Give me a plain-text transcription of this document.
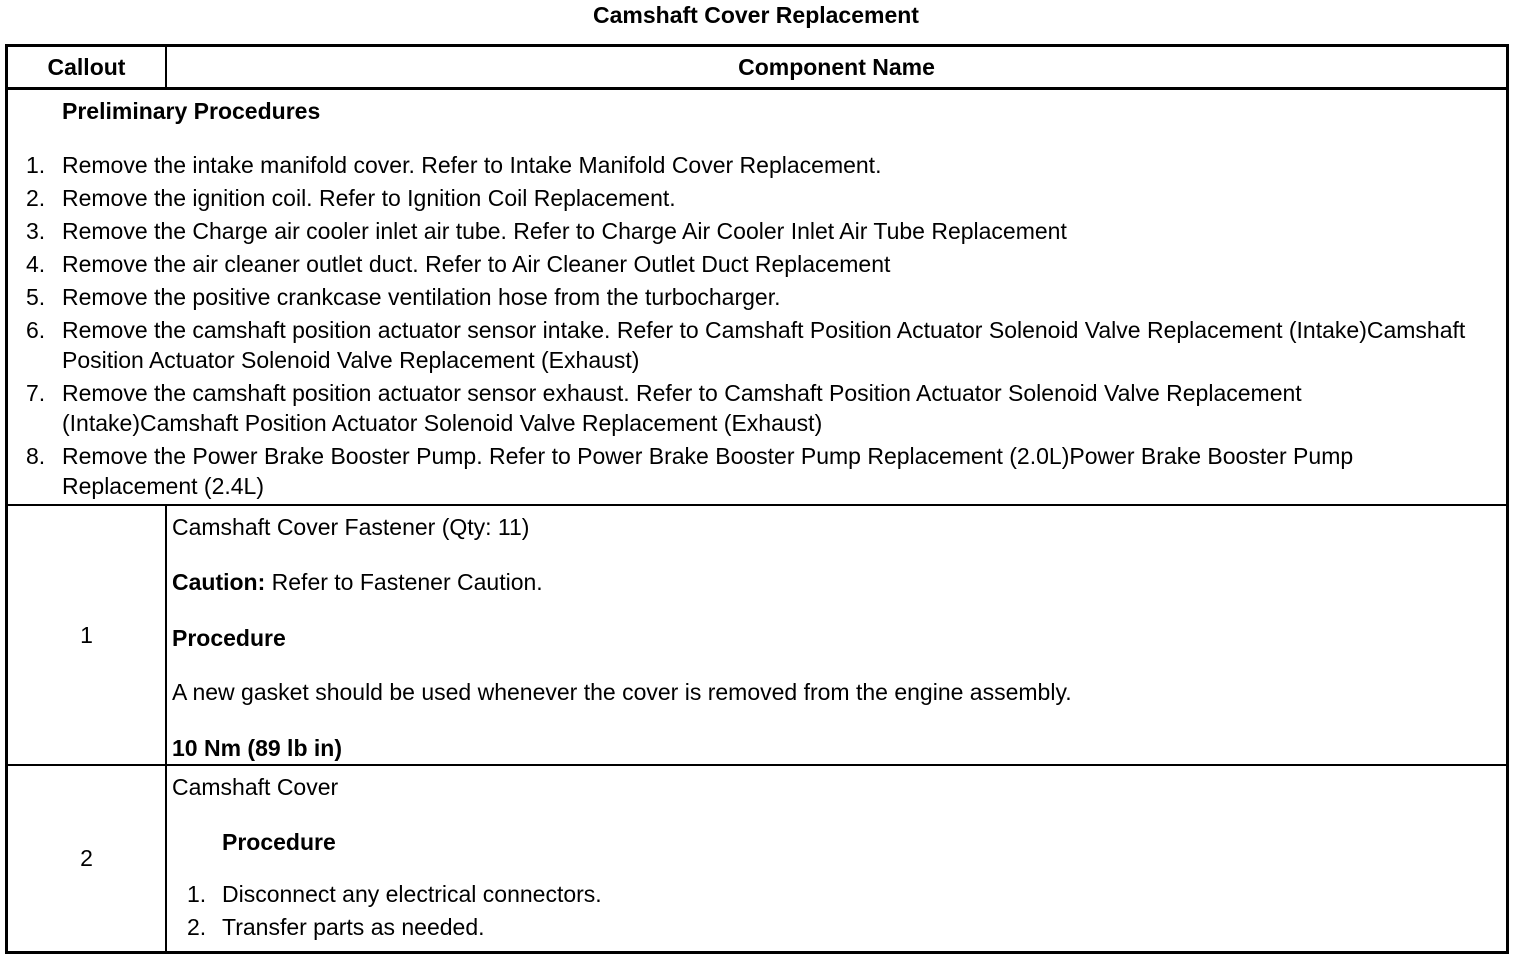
Camshaft Cover Replacement
Callout	Component Name
Preliminary Procedures
1. Remove the intake manifold cover. Refer to Intake Manifold Cover Replacement.
2. Remove the ignition coil. Refer to Ignition Coil Replacement.
3. Remove the Charge air cooler inlet air tube. Refer to Charge Air Cooler Inlet Air Tube Replacement
4. Remove the air cleaner outlet duct. Refer to Air Cleaner Outlet Duct Replacement
5. Remove the positive crankcase ventilation hose from the turbocharger.
6. Remove the camshaft position actuator sensor intake. Refer to Camshaft Position Actuator Solenoid Valve Replacement (Intake)Camshaft Position Actuator Solenoid Valve Replacement (Exhaust)
7. Remove the camshaft position actuator sensor exhaust. Refer to Camshaft Position Actuator Solenoid Valve Replacement (Intake)Camshaft Position Actuator Solenoid Valve Replacement (Exhaust)
8. Remove the Power Brake Booster Pump. Refer to Power Brake Booster Pump Replacement (2.0L)Power Brake Booster Pump Replacement (2.4L)
1
Camshaft Cover Fastener (Qty: 11)
Caution: Refer to Fastener Caution.
Procedure
A new gasket should be used whenever the cover is removed from the engine assembly.
10 Nm (89 lb in)
2
Camshaft Cover
Procedure
1. Disconnect any electrical connectors.
2. Transfer parts as needed.
